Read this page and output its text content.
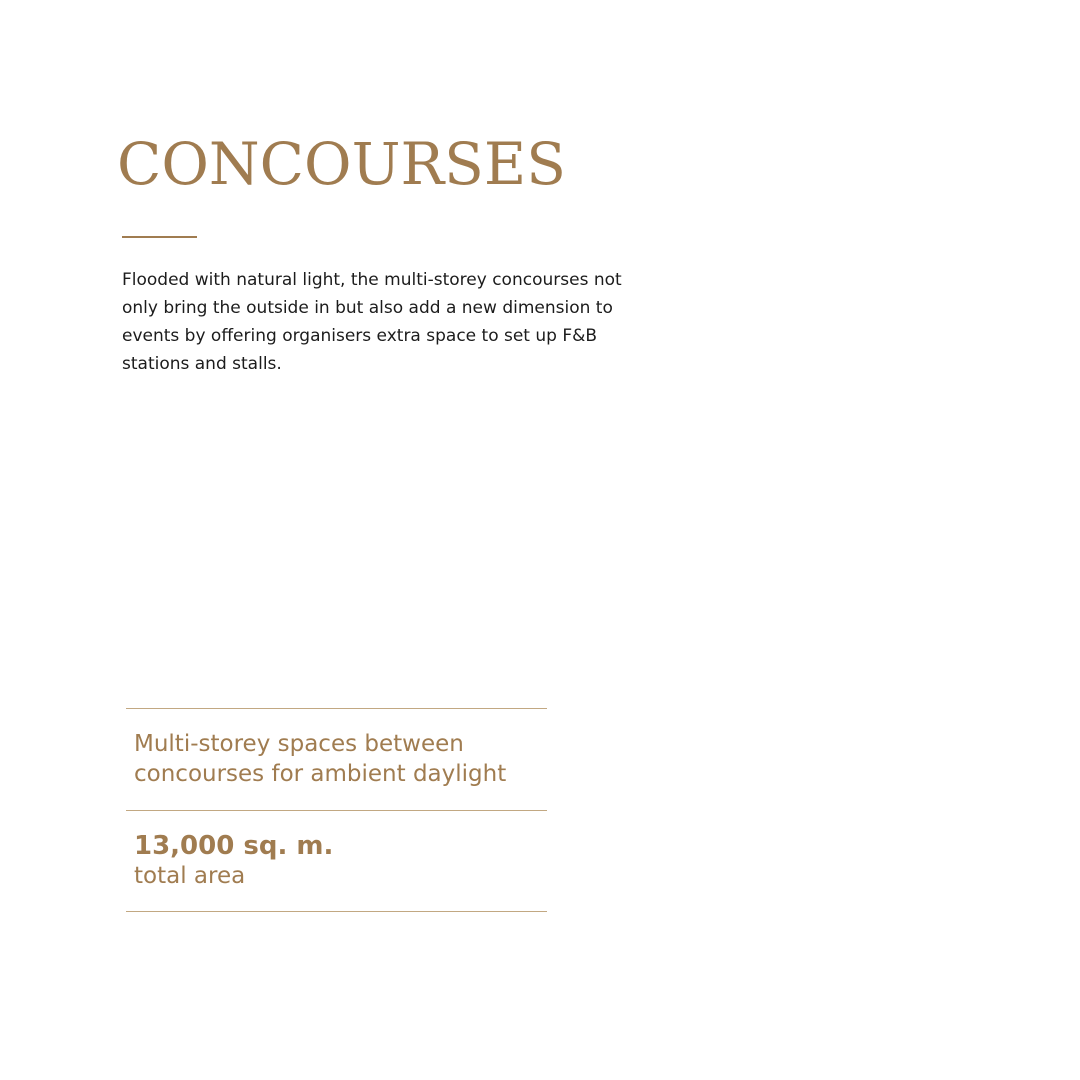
CONCOURSES

Flooded with natural light, the multi-storey concourses not only bring the outside in but also add a new dimension to events by offering organisers extra space to set up F&B stations and stalls.

Multi-storey spaces between

concourses for ambient daylight

13,000 sq. m.

total area
